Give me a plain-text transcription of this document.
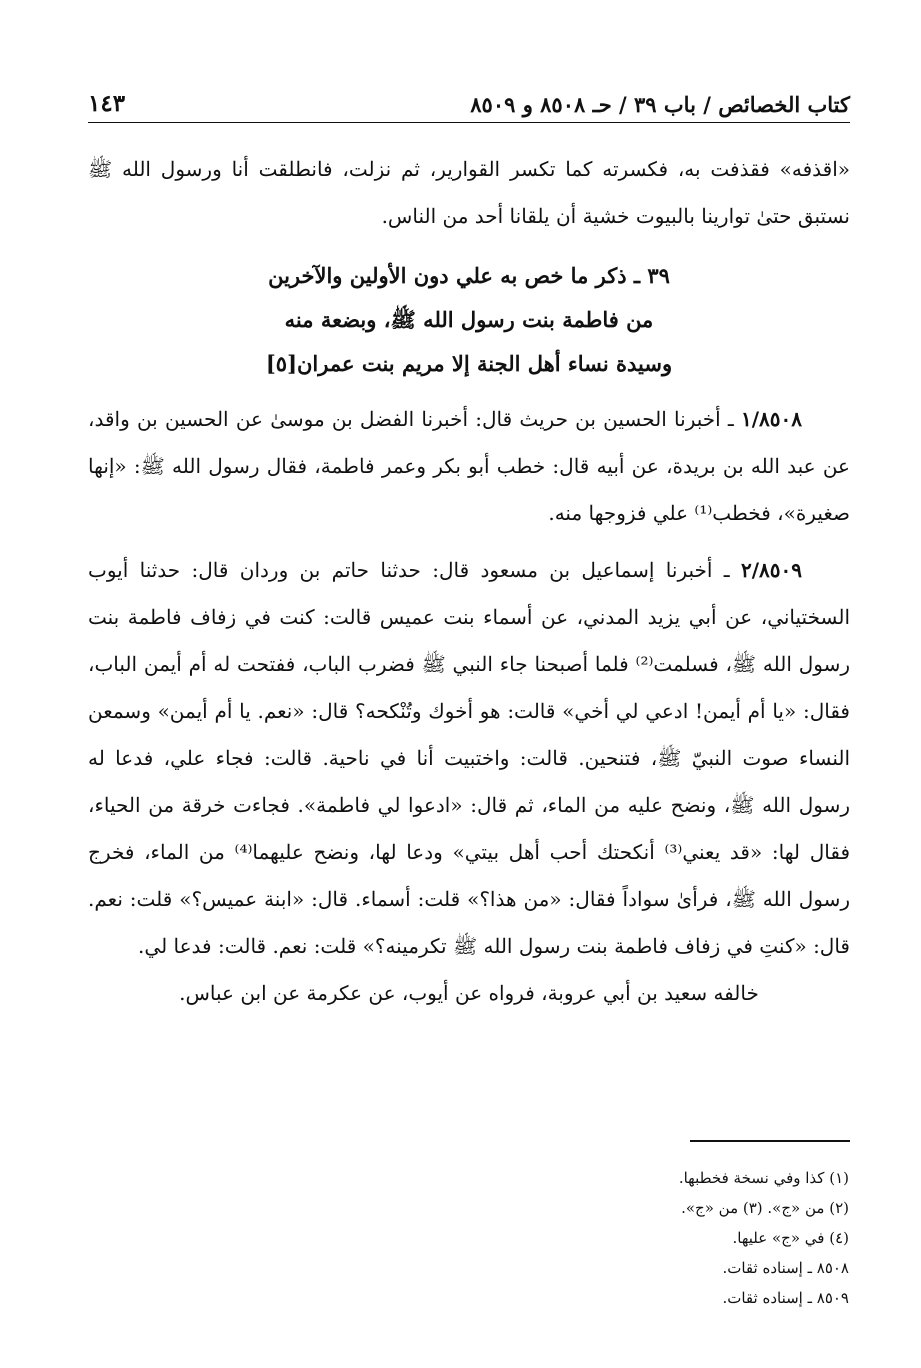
كتاب الخصائص / باب ٣٩ / حـ ٨٥٠٨ و ٨٥٠٩
١٤٣

«اقذفه» فقذفت به، فكسرته كما تكسر القوارير، ثم نزلت، فانطلقت أنا ورسول الله ﷺ نستبق حتىٰ توارينا بالبيوت خشية أن يلقانا أحد من الناس.

٣٩ ـ ذكر ما خص به علي دون الأولين والآخرين
من فاطمة بنت رسول الله ﷺ، وبضعة منه
وسيدة نساء أهل الجنة إلا مريم بنت عمران[٥]

١/٨٥٠٨ ـ أخبرنا الحسين بن حريث قال: أخبرنا الفضل بن موسىٰ عن الحسين بن واقد، عن عبد الله بن بريدة، عن أبيه قال: خطب أبو بكر وعمر فاطمة، فقال رسول الله ﷺ: «إنها صغيرة»، فخطب⁽¹⁾ علي فزوجها منه.

٢/٨٥٠٩ ـ أخبرنا إسماعيل بن مسعود قال: حدثنا حاتم بن وردان قال: حدثنا أيوب السختياني، عن أبي يزيد المدني، عن أسماء بنت عميس قالت: كنت في زفاف فاطمة بنت رسول الله ﷺ، فسلمت⁽²⁾ فلما أصبحنا جاء النبي ﷺ فضرب الباب، ففتحت له أم أيمن الباب، فقال: «يا أم أيمن! ادعي لي أخي» قالت: هو أخوك وتُنْكحه؟ قال: «نعم. يا أم أيمن» وسمعن النساء صوت النبيّ ﷺ، فتنحين. قالت: واختبيت أنا في ناحية. قالت: فجاء علي، فدعا له رسول الله ﷺ، ونضح عليه من الماء، ثم قال: «ادعوا لي فاطمة». فجاءت خرقة من الحياء، فقال لها: «قد يعني⁽³⁾ أنكحتك أحب أهل بيتي» ودعا لها، ونضح عليهما⁽⁴⁾ من الماء، فخرج رسول الله ﷺ، فرأىٰ سواداً فقال: «من هذا؟» قلت: أسماء. قال: «ابنة عميس؟» قلت: نعم. قال: «كنتِ في زفاف فاطمة بنت رسول الله ﷺ تكرمينه؟» قلت: نعم. قالت: فدعا لي.

خالفه سعيد بن أبي عروبة، فرواه عن أيوب، عن عكرمة عن ابن عباس.

(١) كذا وفي نسخة فخطبها.
(٢) من «ج». (٣) من «ج».
(٤) في «ج» عليها.
٨٥٠٨ ـ إسناده ثقات.
٨٥٠٩ ـ إسناده ثقات.
